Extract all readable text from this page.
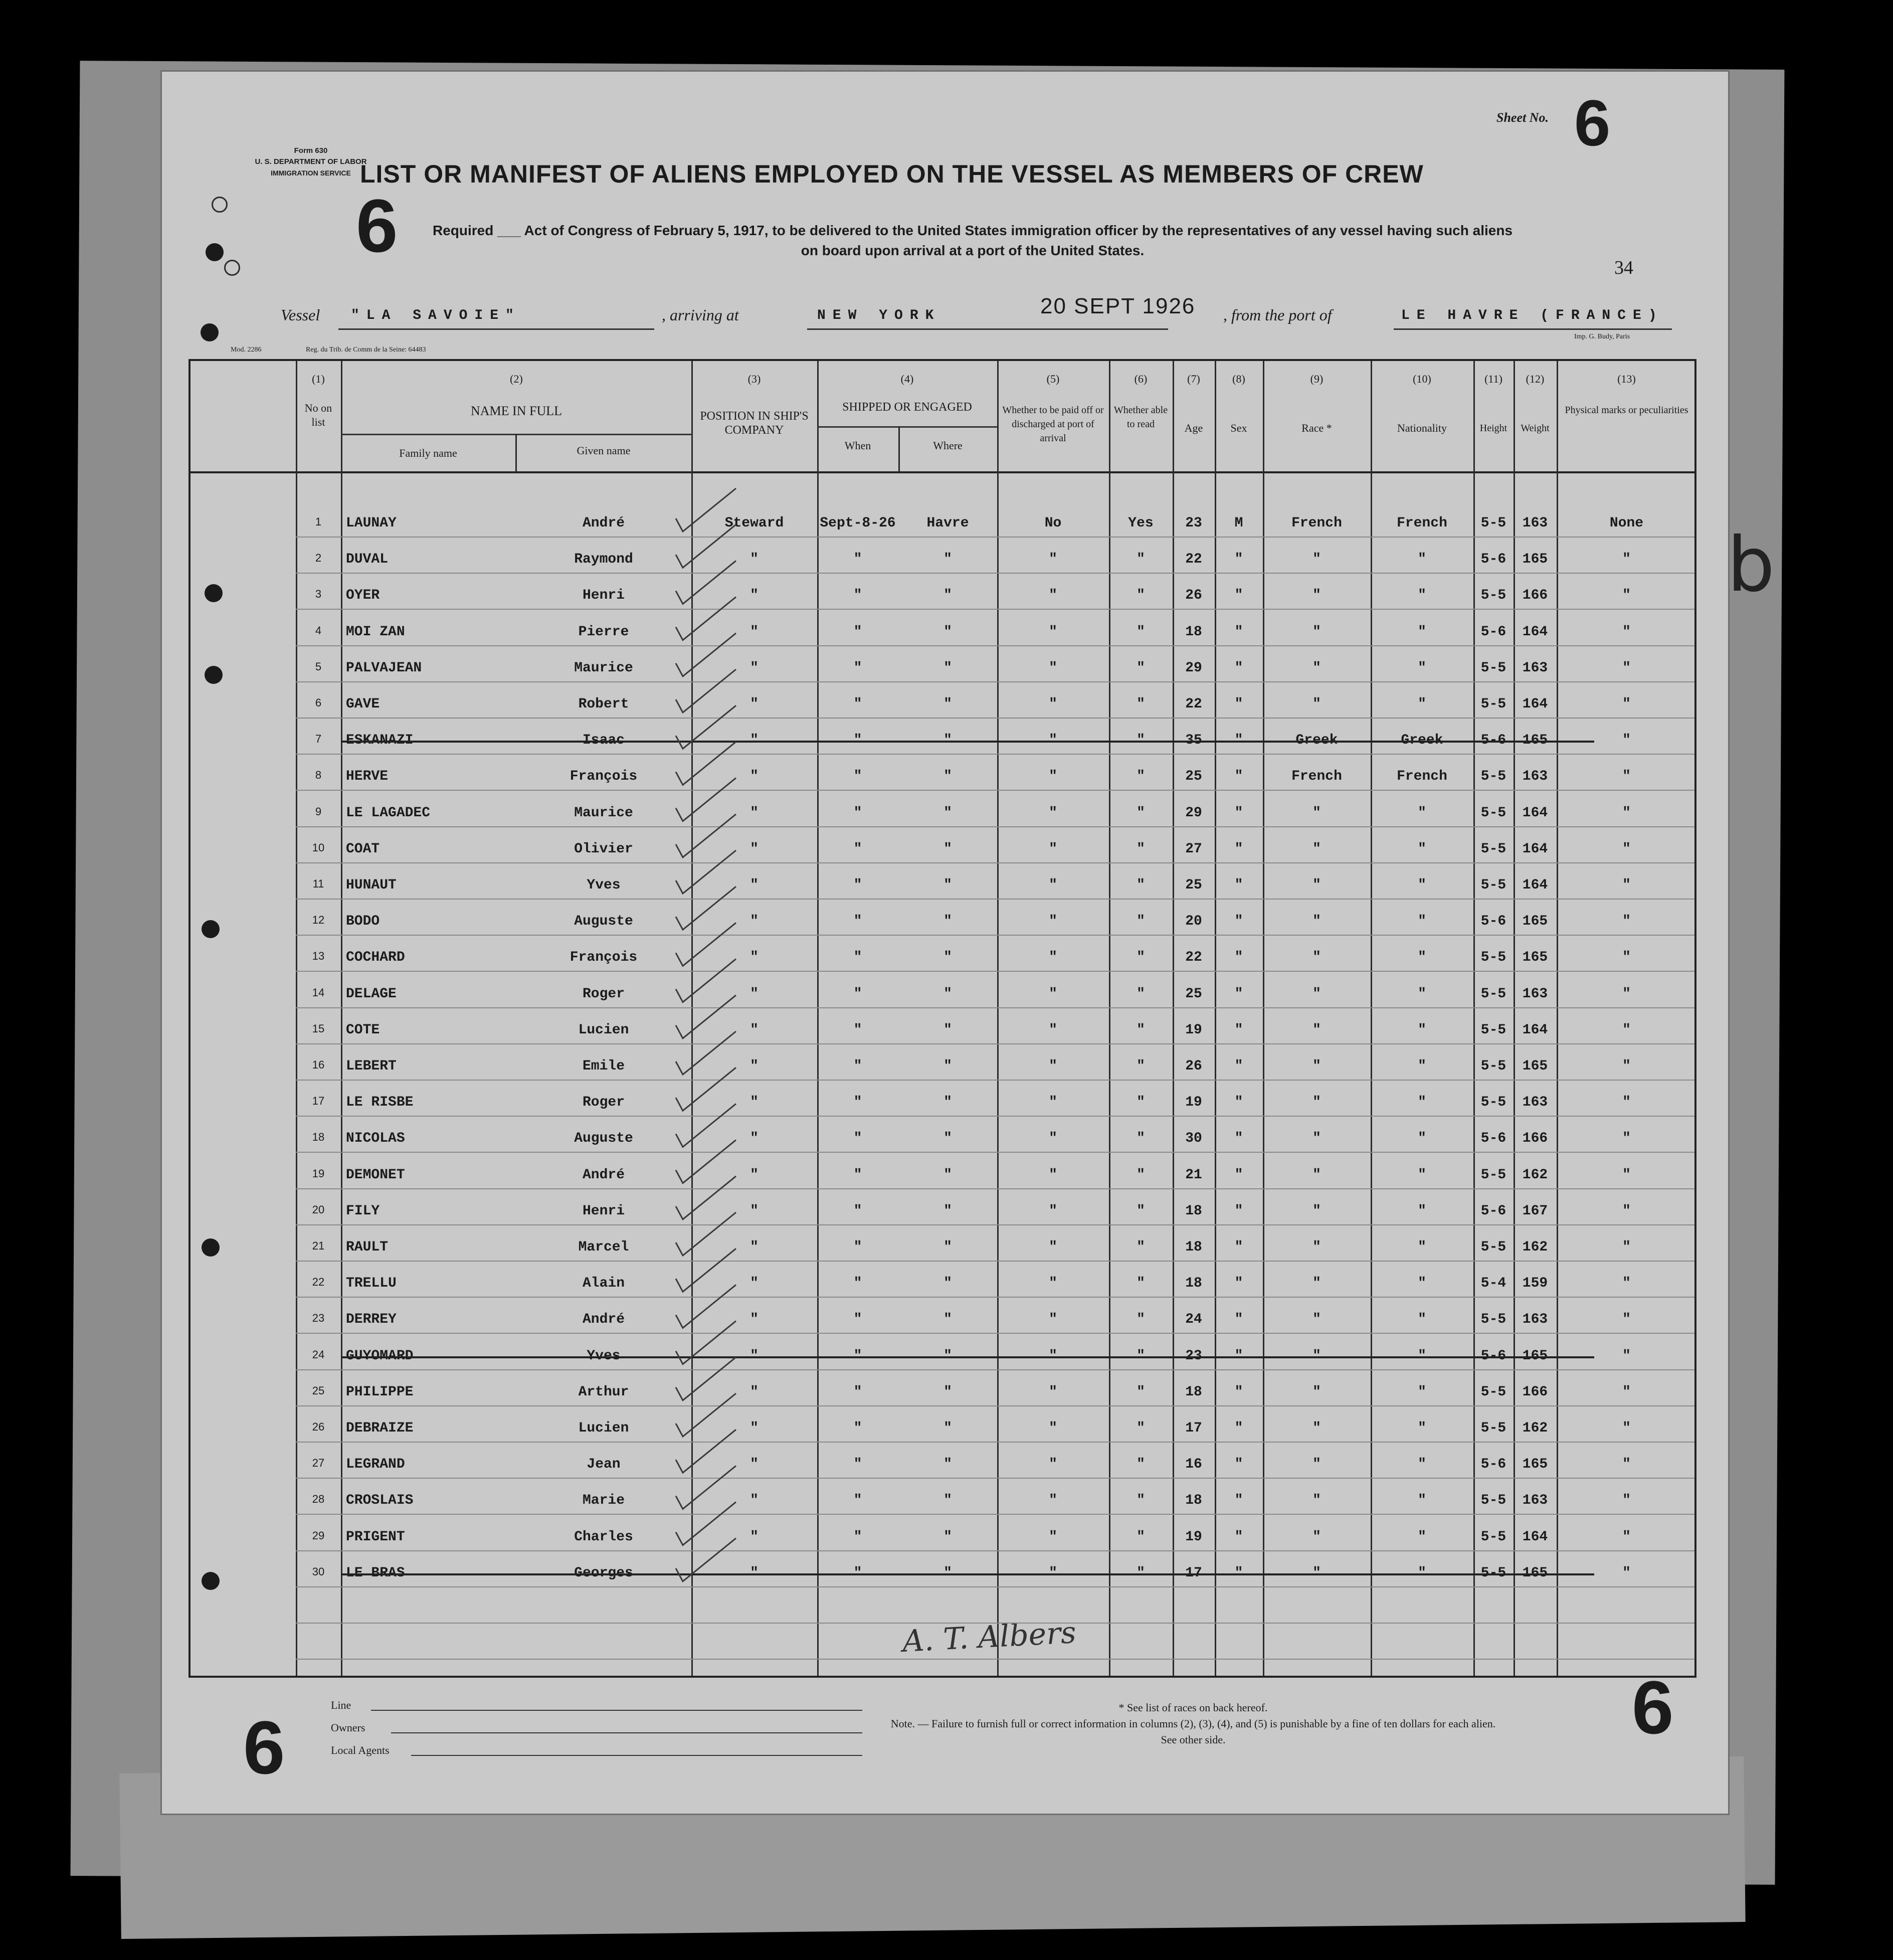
Form 630
U. S. DEPARTMENT OF LABOR
IMMIGRATION SERVICE
Sheet No. 6
LIST OR MANIFEST OF ALIENS EMPLOYED ON THE VESSEL AS MEMBERS OF CREW
6	Required ___ Act of Congress of February 5, 1917, to be delivered to the United States immigration officer by the representatives of any vessel having such aliens
on board upon arrival at a port of the United States.
34
Vessel "LA SAVOIE"	, arriving at	NEW YORK	20 SEPT 1926 , from the port of	LE HAVRE (FRANCE)
Mod. 2286	Reg. du Trib. de Comm de la Seine: 64483
Imp. G. Budy, Paris
Line
Owners
Local Agents
6	6
* See list of races on back hereof.
Note. — Failure to furnish full or correct information in columns (2), (3), (4), and (5) is punishable by a fine of ten dollars for each alien.
See other side.
A. T. Albers
b
(1)
No on list
(2)
NAME IN FULL
Family name	Given name
(3)
POSITION IN SHIP'S COMPANY
(4)
SHIPPED OR ENGAGED
When	Where
(5)
Whether to be paid off or discharged at port of arrival
(6)
Whether able to read
(7)
Age
(8)
Sex
(9)
Race *
(10)
Nationality
(11)
Height
(12)
Weight
(13)
Physical marks or peculiarities
1	LAUNAY	André	Steward	Sept-8-26	Havre	No	Yes	23	M	French	French	5-5	163	None
2	DUVAL	Raymond	"	"	"	"	"	22	"	"	"	5-6	165	"
3	OYER	Henri	"	"	"	"	"	26	"	"	"	5-5	166	"
4	MOI ZAN	Pierre	"	"	"	"	"	18	"	"	"	5-6	164	"
5	PALVAJEAN	Maurice	"	"	"	"	"	29	"	"	"	5-5	163	"
6	GAVE	Robert	"	"	"	"	"	22	"	"	"	5-5	164	"
7	ESKANAZI	Isaac	"	"	"	"	"	35	"	Greek	Greek	5-6	165	"
8	HERVE	François	"	"	"	"	"	25	"	French	French	5-5	163	"
9	LE LAGADEC	Maurice	"	"	"	"	"	29	"	"	"	5-5	164	"
10	COAT	Olivier	"	"	"	"	"	27	"	"	"	5-5	164	"
11	HUNAUT	Yves	"	"	"	"	"	25	"	"	"	5-5	164	"
12	BODO	Auguste	"	"	"	"	"	20	"	"	"	5-6	165	"
13	COCHARD	François	"	"	"	"	"	22	"	"	"	5-5	165	"
14	DELAGE	Roger	"	"	"	"	"	25	"	"	"	5-5	163	"
15	COTE	Lucien	"	"	"	"	"	19	"	"	"	5-5	164	"
16	LEBERT	Emile	"	"	"	"	"	26	"	"	"	5-5	165	"
17	LE RISBE	Roger	"	"	"	"	"	19	"	"	"	5-5	163	"
18	NICOLAS	Auguste	"	"	"	"	"	30	"	"	"	5-6	166	"
19	DEMONET	André	"	"	"	"	"	21	"	"	"	5-5	162	"
20	FILY	Henri	"	"	"	"	"	18	"	"	"	5-6	167	"
21	RAULT	Marcel	"	"	"	"	"	18	"	"	"	5-5	162	"
22	TRELLU	Alain	"	"	"	"	"	18	"	"	"	5-4	159	"
23	DERREY	André	"	"	"	"	"	24	"	"	"	5-5	163	"
24	GUYOMARD	Yves	"	"	"	"	"	23	"	"	"	5-6	165	"
25	PHILIPPE	Arthur	"	"	"	"	"	18	"	"	"	5-5	166	"
26	DEBRAIZE	Lucien	"	"	"	"	"	17	"	"	"	5-5	162	"
27	LEGRAND	Jean	"	"	"	"	"	16	"	"	"	5-6	165	"
28	CROSLAIS	Marie	"	"	"	"	"	18	"	"	"	5-5	163	"
29	PRIGENT	Charles	"	"	"	"	"	19	"	"	"	5-5	164	"
30	LE BRAS	Georges	"	"	"	"	"	17	"	"	"	5-5	165	"
